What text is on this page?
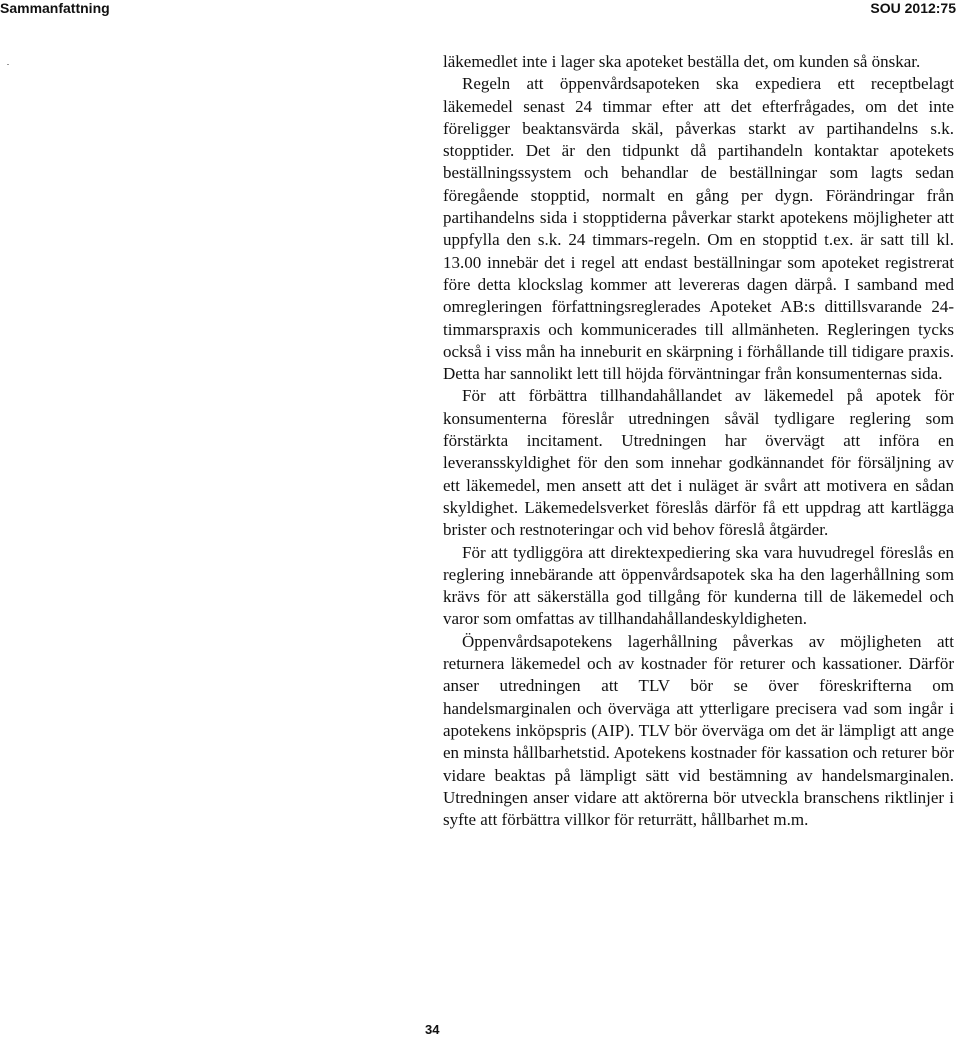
Sammanfattning	SOU 2012:75

läkemedlet inte i lager ska apoteket beställa det, om kunden så önskar.

Regeln att öppenvårdsapoteken ska expediera ett receptbelagt läkemedel senast 24 timmar efter att det efterfrågades, om det inte föreligger beaktansvärda skäl, påverkas starkt av partihandelns s.k. stopptider. Det är den tidpunkt då partihandeln kontaktar apotekets beställningssystem och behandlar de beställningar som lagts sedan föregående stopptid, normalt en gång per dygn. Förändringar från partihandelns sida i stopptiderna påverkar starkt apotekens möjligheter att uppfylla den s.k. 24 timmars-regeln. Om en stopptid t.ex. är satt till kl. 13.00 innebär det i regel att endast beställningar som apoteket registrerat före detta klockslag kommer att levereras dagen därpå. I samband med omregleringen författningsreglerades Apoteket AB:s dittillsvarande 24-timmarspraxis och kommunicerades till allmänheten. Regleringen tycks också i viss mån ha inneburit en skärpning i förhållande till tidigare praxis. Detta har sannolikt lett till höjda förväntningar från konsumenternas sida.

För att förbättra tillhandahållandet av läkemedel på apotek för konsumenterna föreslår utredningen såväl tydligare reglering som förstärkta incitament. Utredningen har övervägt att införa en leveransskyldighet för den som innehar godkännandet för försäljning av ett läkemedel, men ansett att det i nuläget är svårt att motivera en sådan skyldighet. Läkemedelsverket föreslås därför få ett uppdrag att kartlägga brister och restnoteringar och vid behov föreslå åtgärder.

För att tydliggöra att direktexpediering ska vara huvudregel föreslås en reglering innebärande att öppenvårdsapotek ska ha den lagerhållning som krävs för att säkerställa god tillgång för kunderna till de läkemedel och varor som omfattas av tillhandahållandeskyldigheten.

Öppenvårdsapotekens lagerhållning påverkas av möjligheten att returnera läkemedel och av kostnader för returer och kassationer. Därför anser utredningen att TLV bör se över föreskrifterna om handelsmarginalen och överväga att ytterligare precisera vad som ingår i apotekens inköpspris (AIP). TLV bör överväga om det är lämpligt att ange en minsta hållbarhetstid. Apotekens kostnader för kassation och returer bör vidare beaktas på lämpligt sätt vid bestämning av handelsmarginalen. Utredningen anser vidare att aktörerna bör utveckla branschens riktlinjer i syfte att förbättra villkor för returrätt, hållbarhet m.m.

34
